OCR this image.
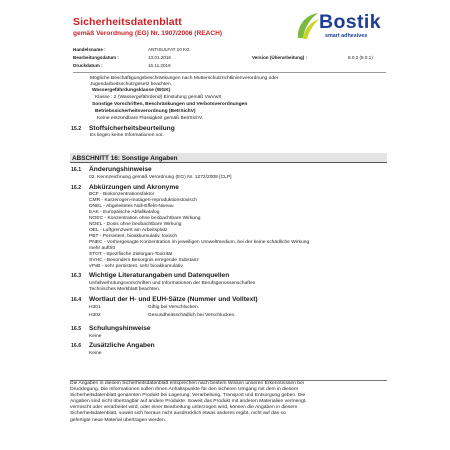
Sicherheitsdatenblatt
gemäß Verordnung (EG) Nr. 1907/2006 (REACH)
Bostik
smart adhesives
Handelsname :	ANTISULFAT 10 KG
Bearbeitungsdatum :	13.01.2016
Druckdatum :	16.11.2016
Version (Überarbeitung) :	8.0.2 (8.0.1)
Mögliche Beschäftigungsbeschränkungen nach Mutterschutzrichtlinienverordnung oder
Jugendarbeitsschutzgesetz beachten.
Wassergefährdungsklasse (WGK)
Klasse : 2 (Wassergefährdend) Einstufung gemäß VwVwS
Sonstige Vorschriften, Beschränkungen und Verbotsverordnungen
Betriebssicherheitsverordnung (BetrSichV)
Keine entzündbare Flüssigkeit gemäß BetrSichV.
15.2 Stoffsicherheitsbeurteilung
Es liegen keine Informationen vor.
ABSCHNITT 16: Sonstige Angaben
16.1 Änderungshinweise
02. Kennzeichnung gemäß Verordnung (EG) Nr. 1272/2008 [CLP]
16.2 Abkürzungen und Akronyme
BCF - Biokonzentrationsfaktor
CMR - Karzerogen-mutagen-reproduktionstoxisch
DNEL - Abgeleitetes Null-Effekt-Niveau
EAK - Europäische Abfallkatalog
NOEC - Konzentration ohne beobachtbare Wirkung
NOEL - Dosis ohne beobachtbare Wirkung
OEL - Luftgrenzwert am Arbeitsplatz
PBT - Persistent, bioakkumulativ, toxisch
PNEC - Vorhergesagte Konzentration im jeweiligen Umweltmedium, bei der keine schädliche Wirkung
mehr auftritt
STOT - Spezifische Zielorgan-Toxizität
SVHC - Besonders Besorgnis erregende Substanz
vPvB - sehr persistent, sehr bioakkumulativ
16.3 Wichtige Literaturangaben und Datenquellen
Unfallverhütungsvorschriften und Informationen der Berufsgenossenschaften
Technisches Merkblatt beachten.
16.4 Wortlaut der H- und EUH-Sätze (Nummer und Volltext)
H301	Giftig bei Verschlucken.
H302	Gesundheitsschädlich bei Verschlucken.
16.5 Schulungshinweise
Keine
16.6 Zusätzliche Angaben
Keine
Die Angaben in diesem Sicherheitsdatenblatt entsprechen nach bestem Wissen unseren Erkenntnissen bei
Drucklegung. Die Informationen sollen Ihnen Anhaltspunkte für den sicheren Umgang mit dem in diesem
Sicherheitsdatenblatt genannten Produkt bei Lagerung, Verarbeitung, Transport und Entsorgung geben. Die
Angaben sind nicht übertragbar auf andere Produkte. Soweit das Produkt mit anderen Materialien vermengt,
vermischt oder verarbeitet wird, oder einer Bearbeitung unterzogen wird, können die Angaben in diesem
Sicherheitsdatenblatt, soweit sich hieraus nicht ausdrücklich etwas anderes ergibt, nicht auf das so
gefertigte neue Material übertragen werden.
